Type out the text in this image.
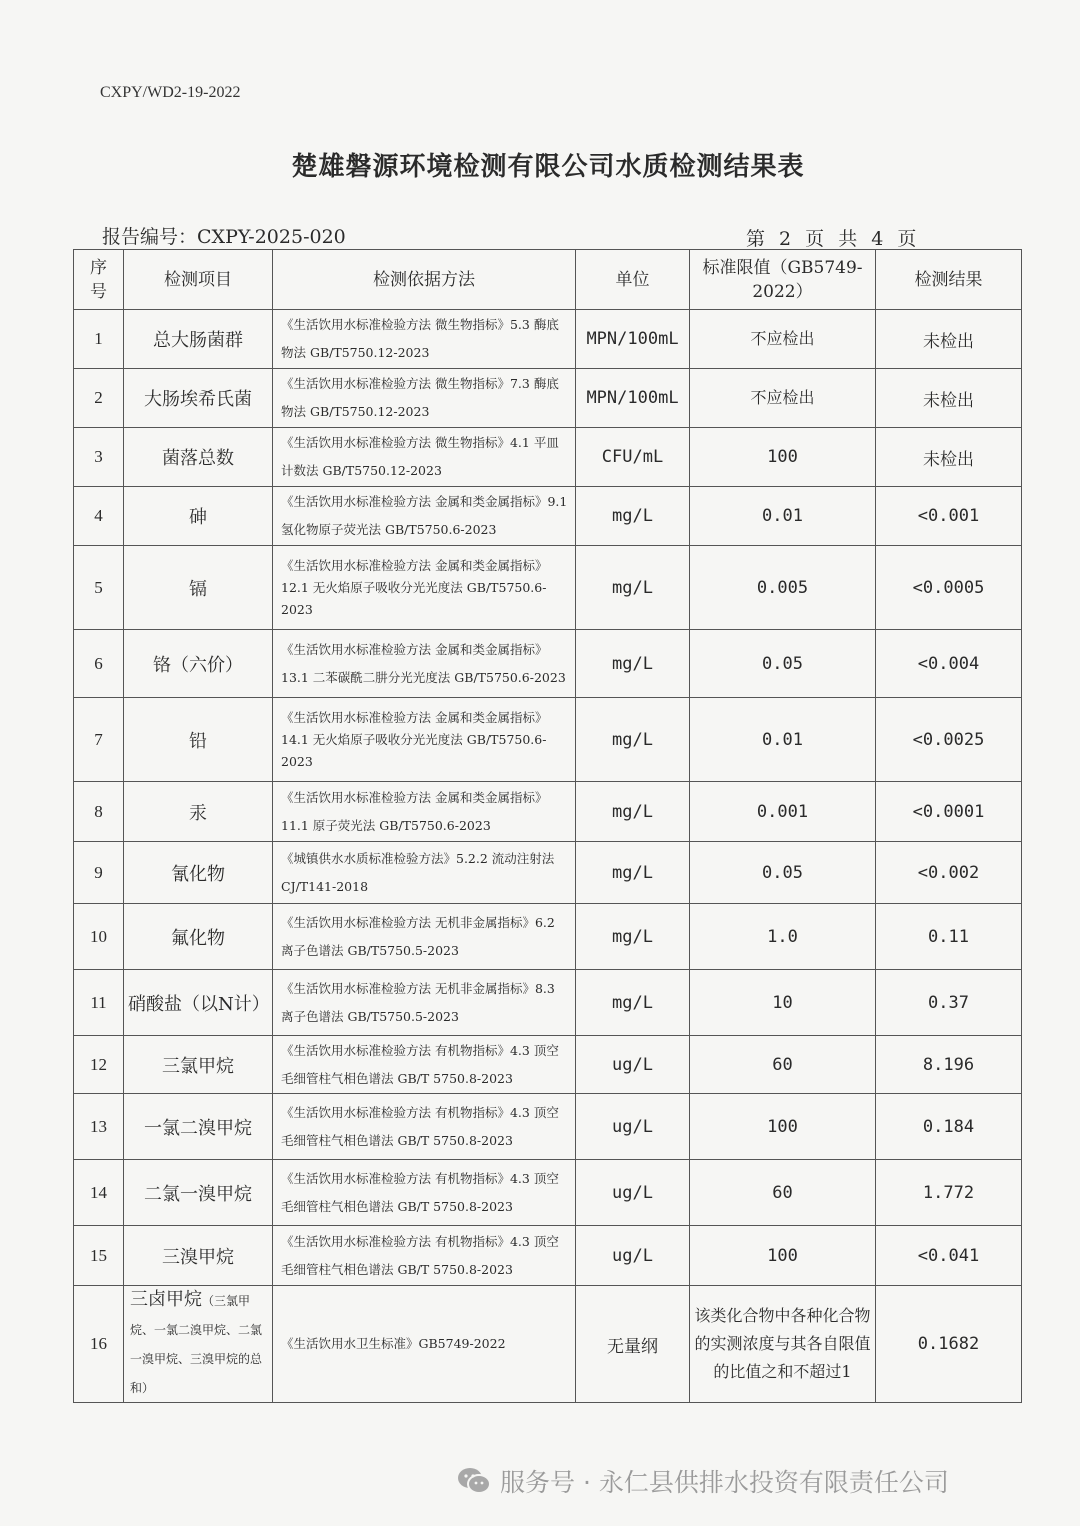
CXPY/WD2-19-2022
楚雄磐源环境检测有限公司水质检测结果表
报告编号：CXPY-2025-020	第 2 页 共 4 页
序号	检测项目	检测依据方法	单位	标准限值（GB5749-2022）	检测结果
1	总大肠菌群	《生活饮用水标准检验方法 微生物指标》5.3 酶底物法 GB/T5750.12-2023	MPN/100mL	不应检出	未检出
2	大肠埃希氏菌	《生活饮用水标准检验方法 微生物指标》7.3 酶底物法 GB/T5750.12-2023	MPN/100mL	不应检出	未检出
3	菌落总数	《生活饮用水标准检验方法 微生物指标》4.1 平皿计数法 GB/T5750.12-2023	CFU/mL	100	未检出
4	砷	《生活饮用水标准检验方法 金属和类金属指标》9.1 氢化物原子荧光法 GB/T5750.6-2023	mg/L	0.01	<0.001
5	镉	《生活饮用水标准检验方法 金属和类金属指标》12.1 无火焰原子吸收分光光度法 GB/T5750.6-2023	mg/L	0.005	<0.0005
6	铬（六价）	《生活饮用水标准检验方法 金属和类金属指标》13.1 二苯碳酰二肼分光光度法 GB/T5750.6-2023	mg/L	0.05	<0.004
7	铅	《生活饮用水标准检验方法 金属和类金属指标》14.1 无火焰原子吸收分光光度法 GB/T5750.6-2023	mg/L	0.01	<0.0025
8	汞	《生活饮用水标准检验方法 金属和类金属指标》11.1 原子荧光法 GB/T5750.6-2023	mg/L	0.001	<0.0001
9	氰化物	《城镇供水水质标准检验方法》5.2.2 流动注射法 CJ/T141-2018	mg/L	0.05	<0.002
10	氟化物	《生活饮用水标准检验方法 无机非金属指标》6.2 离子色谱法 GB/T5750.5-2023	mg/L	1.0	0.11
11	硝酸盐（以N计）	《生活饮用水标准检验方法 无机非金属指标》8.3 离子色谱法 GB/T5750.5-2023	mg/L	10	0.37
12	三氯甲烷	《生活饮用水标准检验方法 有机物指标》4.3 顶空毛细管柱气相色谱法 GB/T 5750.8-2023	ug/L	60	8.196
13	一氯二溴甲烷	《生活饮用水标准检验方法 有机物指标》4.3 顶空毛细管柱气相色谱法 GB/T 5750.8-2023	ug/L	100	0.184
14	二氯一溴甲烷	《生活饮用水标准检验方法 有机物指标》4.3 顶空毛细管柱气相色谱法 GB/T 5750.8-2023	ug/L	60	1.772
15	三溴甲烷	《生活饮用水标准检验方法 有机物指标》4.3 顶空毛细管柱气相色谱法 GB/T 5750.8-2023	ug/L	100	<0.041
16	三卤甲烷（三氯甲烷、一氯二溴甲烷、二氯一溴甲烷、三溴甲烷的总和）	《生活饮用水卫生标准》GB5749-2022	无量纲	该类化合物中各种化合物的实测浓度与其各自限值的比值之和不超过1	0.1682
服务号 · 永仁县供排水投资有限责任公司
